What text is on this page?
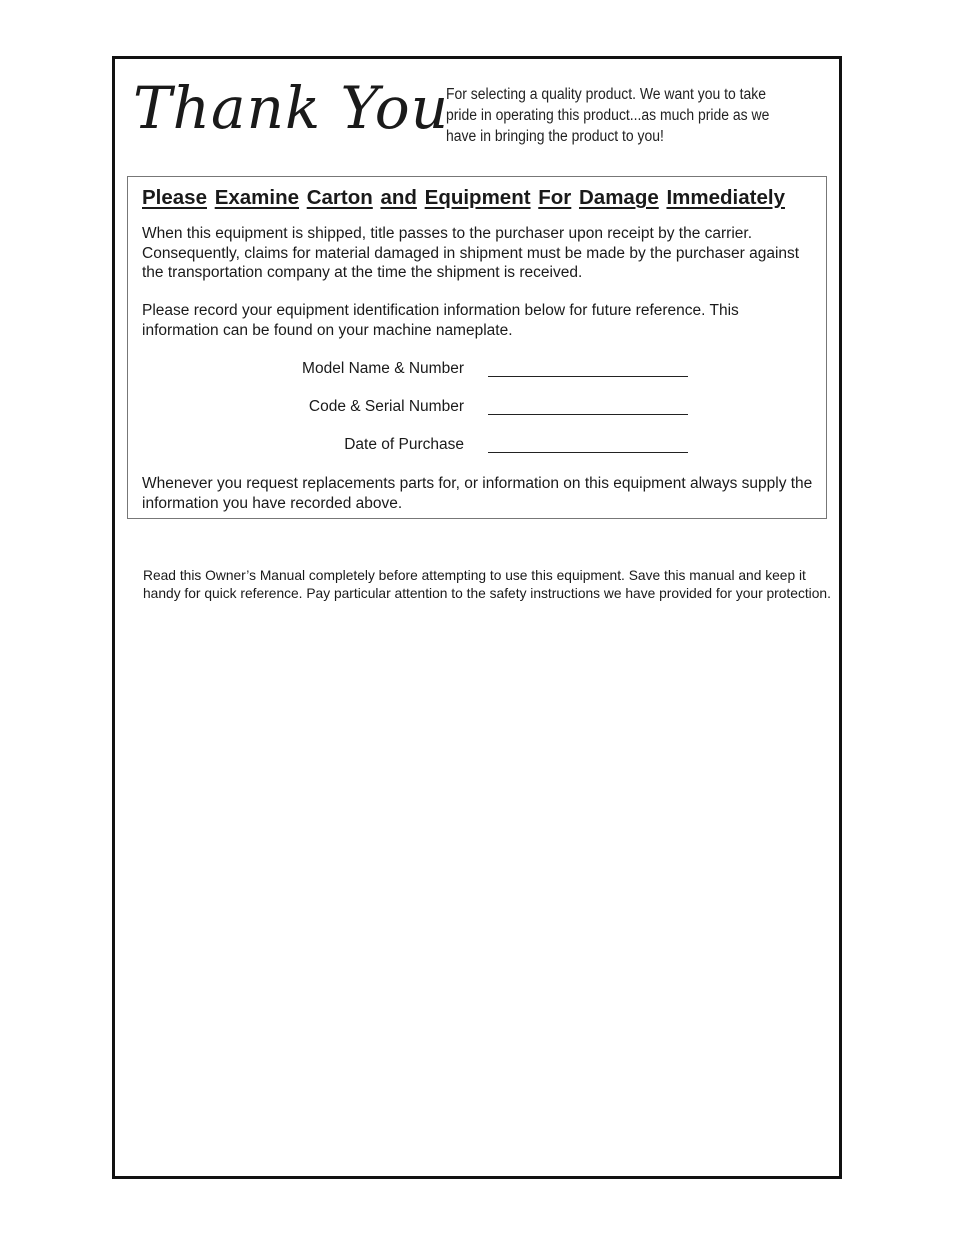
Thank You
For selecting a quality product. We want you to take pride in operating this product...as much pride as we have in bringing the product to you!
Please Examine Carton and Equipment For Damage Immediately
When this equipment is shipped, title passes to the purchaser upon receipt by the carrier. Consequently, claims for material damaged in shipment must be made by the purchaser against the transportation company at the time the shipment is received.
Please record your equipment identification information below for future reference. This information can be found on your machine nameplate.
Model Name & Number
Code & Serial Number
Date of Purchase
Whenever you request replacements parts for, or information on this equipment always supply the information you have recorded above.
Read this Owner’s Manual completely before attempting to use this equipment. Save this manual and keep it handy for quick reference. Pay particular attention to the safety instructions we have provided for your protection.
